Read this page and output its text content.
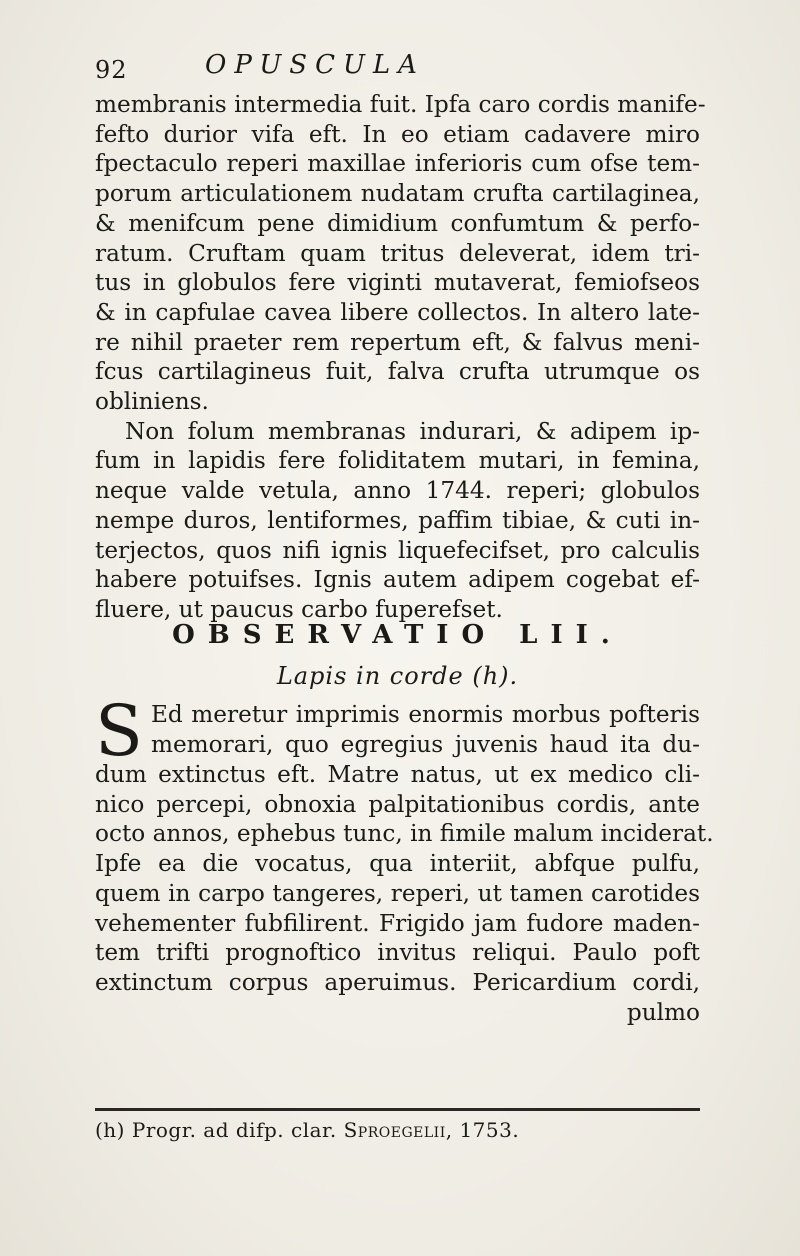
92	OPUSCULA
membranis intermedia fuit. Ipfa caro cordis manife-
fefto durior vifa eft. In eo etiam cadavere miro
fpectaculo reperi maxillae inferioris cum ofse tem-
porum articulationem nudatam crufta cartilaginea,
& menifcum pene dimidium confumtum & perfo-
ratum. Cruftam quam tritus deleverat, idem tri-
tus in globulos fere viginti mutaverat, femiofseos
& in capfulae cavea libere collectos. In altero late-
re nihil praeter rem repertum eft, & falvus meni-
fcus cartilagineus fuit, falva crufta utrumque os
obliniens.
Non folum membranas indurari, & adipem ip-
fum in lapidis fere foliditatem mutari, in femina,
neque valde vetula, anno 1744. reperi; globulos
nempe duros, lentiformes, paffim tibiae, & cuti in-
terjectos, quos nifi ignis liquefecifset, pro calculis
habere potuifses. Ignis autem adipem cogebat ef-
fluere, ut paucus carbo fuperefset.
OBSERVATIO LII.
Lapis in corde (h).
S Ed meretur imprimis enormis morbus pofteris
memorari, quo egregius juvenis haud ita du-
dum extinctus eft. Matre natus, ut ex medico cli-
nico percepi, obnoxia palpitationibus cordis, ante
octo annos, ephebus tunc, in fimile malum inciderat.
Ipfe ea die vocatus, qua interiit, abfque pulfu,
quem in carpo tangeres, reperi, ut tamen carotides
vehementer fubfilirent. Frigido jam fudore maden-
tem trifti prognoftico invitus reliqui. Paulo poft
extinctum corpus aperuimus. Pericardium cordi,
pulmo
(h) Progr. ad difp. clar. Sproegelii, 1753.
